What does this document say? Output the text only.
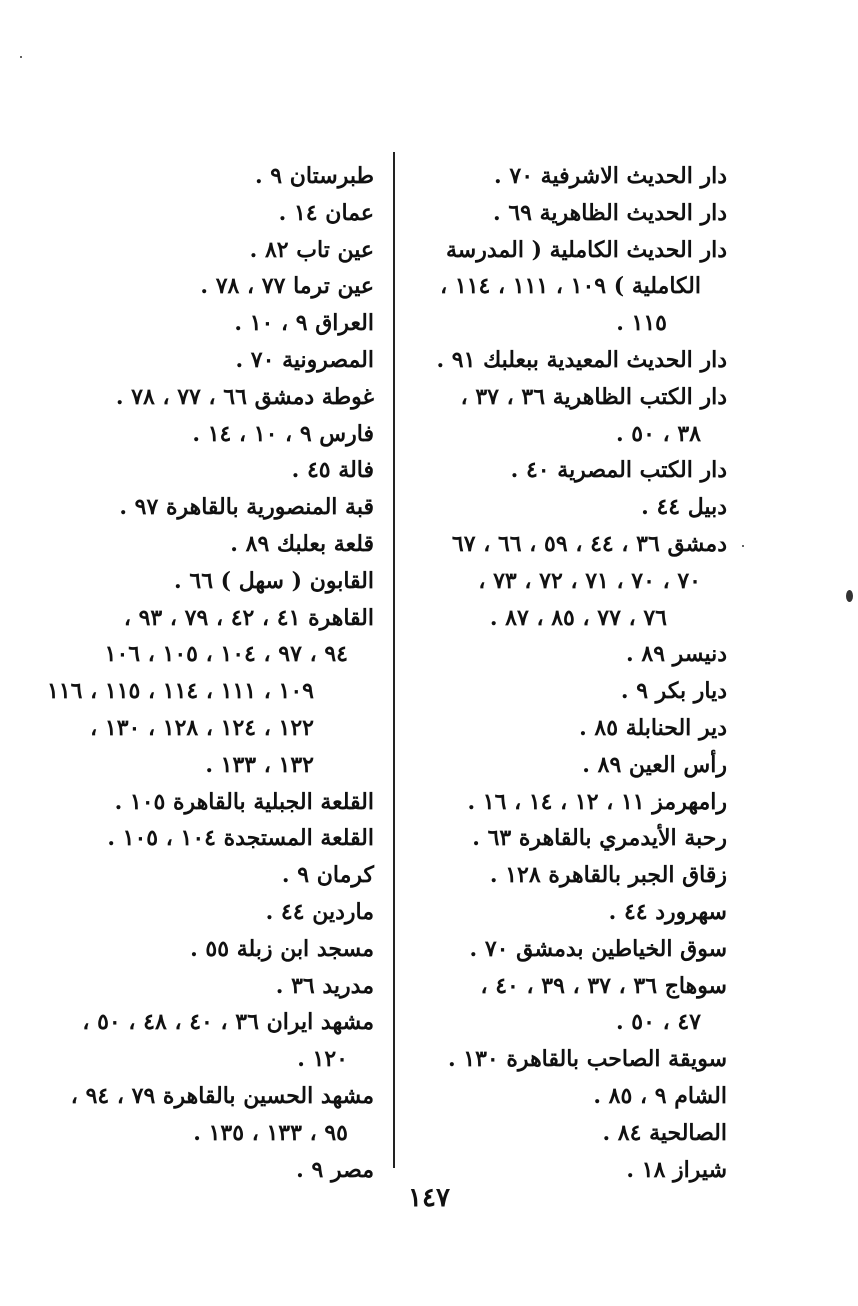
دار الحديث الاشرفية ٧٠ .
دار الحديث الظاهرية ٦٩ .
دار الحديث الكاملية ( المدرسة
الكاملية ) ١٠٩ ، ١١١ ، ١١٤ ،
١١٥ .
دار الحديث المعيدية ببعلبك ٩١ .
دار الكتب الظاهرية ٣٦ ، ٣٧ ،
٣٨ ، ٥٠ .
دار الكتب المصرية ٤٠ .
دبيل ٤٤ .
دمشق ٣٦ ، ٤٤ ، ٥٩ ، ٦٦ ، ٦٧
٧٠ ، ٧٠ ، ٧١ ، ٧٢ ، ٧٣ ،
٧٦ ، ٧٧ ، ٨٥ ، ٨٧ .
دنيسر ٨٩ .
ديار بكر ٩ .
دير الحنابلة ٨٥ .
رأس العين ٨٩ .
رامهرمز ١١ ، ١٢ ، ١٤ ، ١٦ .
رحبة الأيدمري بالقاهرة ٦٣ .
زقاق الجبر بالقاهرة ١٢٨ .
سهرورد ٤٤ .
سوق الخياطين بدمشق ٧٠ .
سوهاج ٣٦ ، ٣٧ ، ٣٩ ، ٤٠ ،
٤٧ ، ٥٠ .
سويقة الصاحب بالقاهرة ١٣٠ .
الشام ٩ ، ٨٥ .
الصالحية ٨٤ .
شيراز ١٨ .
طبرستان ٩ .
عمان ١٤ .
عين تاب ٨٢ .
عين ترما ٧٧ ، ٧٨ .
العراق ٩ ، ١٠ .
المصرونية ٧٠ .
غوطة دمشق ٦٦ ، ٧٧ ، ٧٨ .
فارس ٩ ، ١٠ ، ١٤ .
فالة ٤٥ .
قبة المنصورية بالقاهرة ٩٧ .
قلعة بعلبك ٨٩ .
القابون ( سهل ) ٦٦ .
القاهرة ٤١ ، ٤٢ ، ٧٩ ، ٩٣ ،
٩٤ ، ٩٧ ، ١٠٤ ، ١٠٥ ، ١٠٦
١٠٩ ، ١١١ ، ١١٤ ، ١١٥ ، ١١٦
١٢٢ ، ١٢٤ ، ١٢٨ ، ١٣٠ ،
١٣٢ ، ١٣٣ .
القلعة الجبلية بالقاهرة ١٠٥ .
القلعة المستجدة ١٠٤ ، ١٠٥ .
كرمان ٩ .
ماردين ٤٤ .
مسجد ابن زبلة ٥٥ .
مدريد ٣٦ .
مشهد ايران ٣٦ ، ٤٠ ، ٤٨ ، ٥٠ ،
١٢٠ .
مشهد الحسين بالقاهرة ٧٩ ، ٩٤ ،
٩٥ ، ١٣٣ ، ١٣٥ .
مصر ٩ .
١٤٧
